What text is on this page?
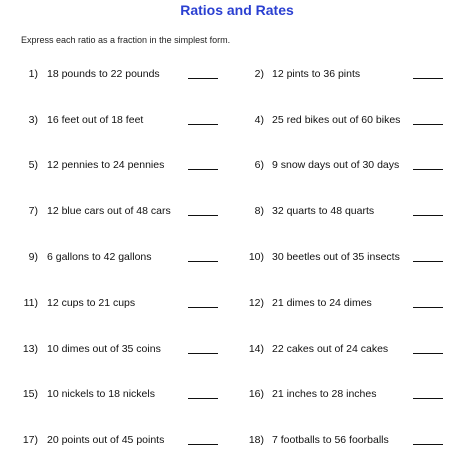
Ratios and Rates
Express each ratio as a fraction in the simplest form.
1) 18 pounds to 22 pounds	2) 12 pints to 36 pints
3) 16 feet out of 18 feet	4) 25 red bikes out of 60 bikes
5) 12 pennies to 24 pennies	6) 9 snow days out of 30 days
7) 12 blue cars out of 48 cars	8) 32 quarts to 48 quarts
9) 6 gallons to 42 gallons	10) 30 beetles out of 35 insects
11) 12 cups to 21 cups	12) 21 dimes to 24 dimes
13) 10 dimes out of 35 coins	14) 22 cakes out of 24 cakes
15) 10 nickels to 18 nickels	16) 21 inches to 28 inches
17) 20 points out of 45 points	18) 7 footballs to 56 foorballs
